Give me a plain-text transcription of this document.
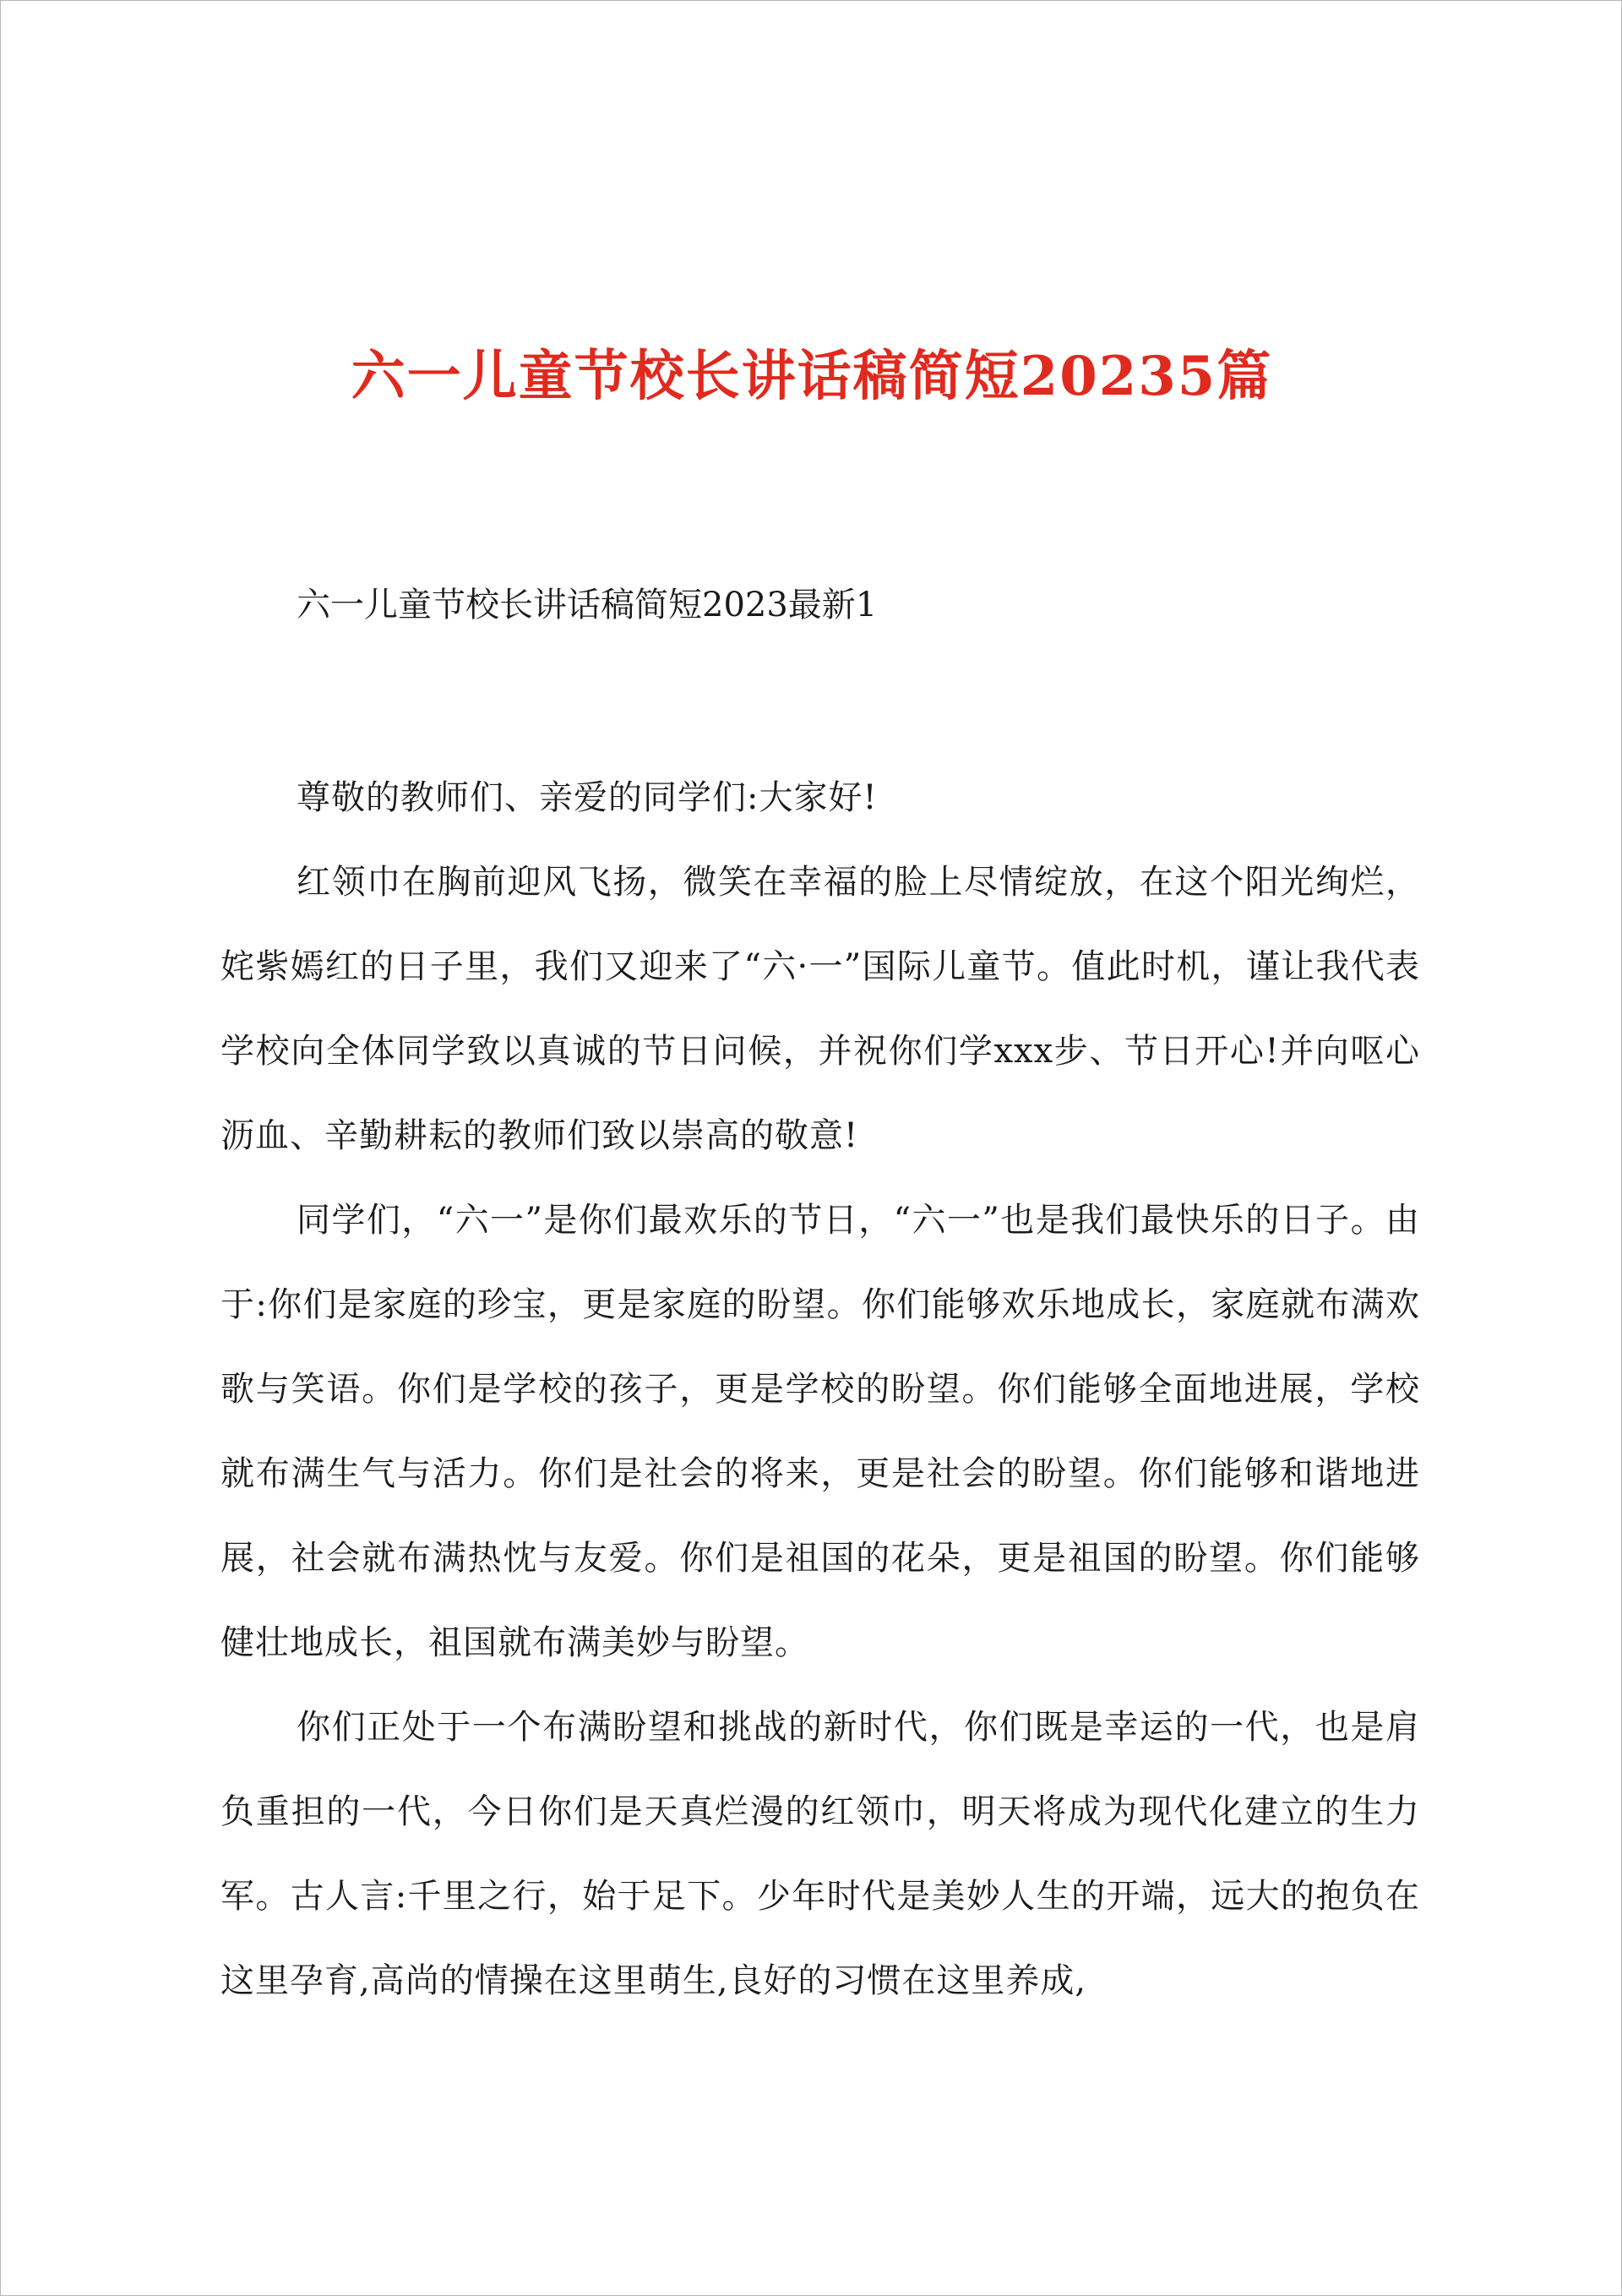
六一儿童节校长讲话稿简短20235篇
六一儿童节校长讲话稿简短2023最新1

尊敬的教师们、亲爱的同学们:大家好!

红领巾在胸前迎风飞扬，微笑在幸福的脸上尽情绽放，在这个阳光绚烂，姹紫嫣红的日子里，我们又迎来了“六·一”国际儿童节。值此时机，谨让我代表学校向全体同学致以真诚的节日问候，并祝你们学xxx步、节日开心!并向呕心沥血、辛勤耕耘的教师们致以崇高的敬意!

同学们，“六一”是你们最欢乐的节日，“六一”也是我们最快乐的日子。由于:你们是家庭的珍宝，更是家庭的盼望。你们能够欢乐地成长，家庭就布满欢歌与笑语。你们是学校的孩子，更是学校的盼望。你们能够全面地进展，学校就布满生气与活力。你们是社会的将来，更是社会的盼望。你们能够和谐地进展，社会就布满热忱与友爱。你们是祖国的花朵，更是祖国的盼望。你们能够健壮地成长，祖国就布满美妙与盼望。

你们正处于一个布满盼望和挑战的新时代，你们既是幸运的一代，也是肩负重担的一代，今日你们是天真烂漫的红领巾，明天将成为现代化建立的生力军。古人言:千里之行，始于足下。少年时代是美妙人生的开端，远大的抱负在这里孕育,高尚的情操在这里萌生,良好的习惯在这里养成,
